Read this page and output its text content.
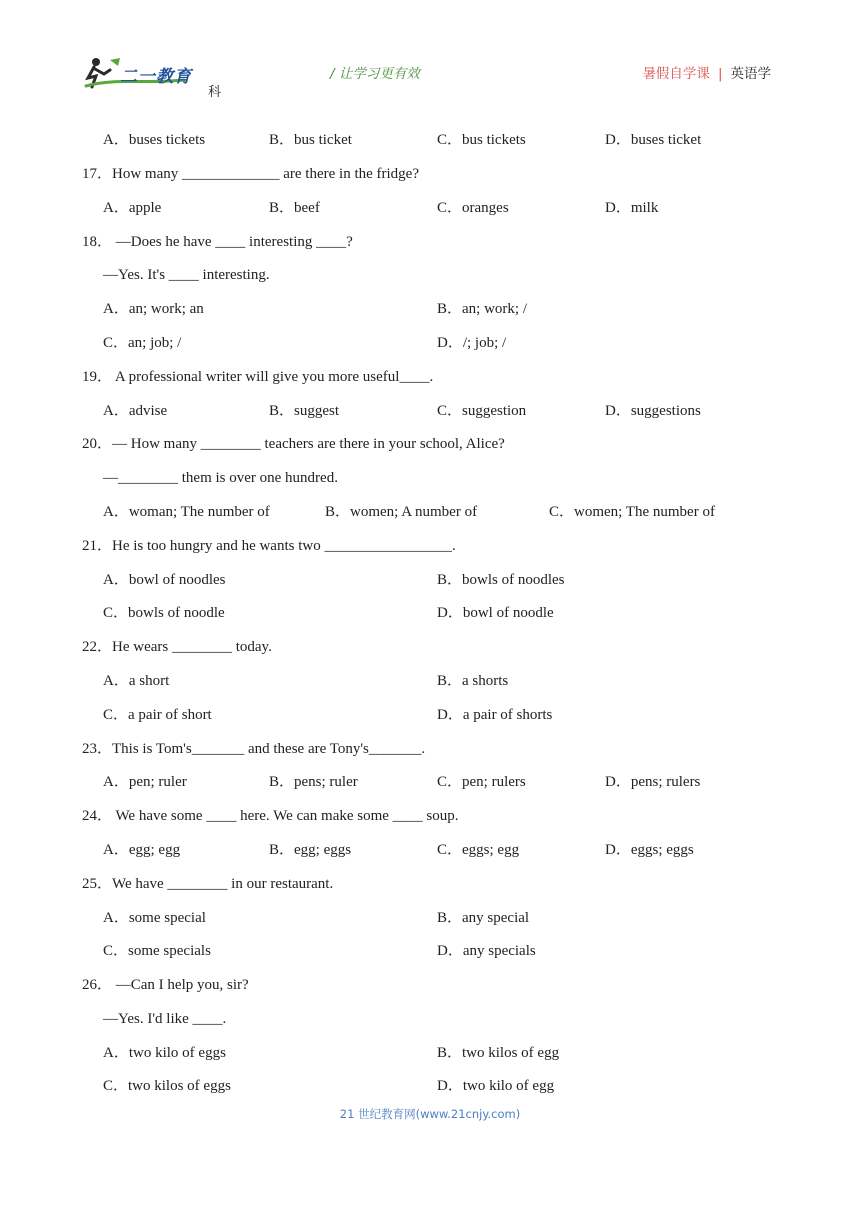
二一教育
科
/ 让学习更有效	暑假自学课 | 英语学
A．buses tickets	B．bus ticket	C．bus tickets	D．buses ticket
17．How many _____________ are there in the fridge?
A．apple	B．beef	C．oranges	D．milk
18． —Does he have ____ interesting ____?
—Yes. It's ____ interesting.
A．an; work; an	B．an; work; /
C．an; job; /	D．/; job; /
19． A professional writer will give you more useful____.
A．advise	B．suggest	C．suggestion	D．suggestions
20．— How many ________ teachers are there in your school, Alice?
—________ them is over one hundred.
A．woman; The number of	B．women; A number of	C．women; The number of
21．He is too hungry and he wants two _________________.
A．bowl of noodles	B．bowls of noodles
C．bowls of noodle	D．bowl of noodle
22．He wears ________ today.
A．a short	B．a shorts
C．a pair of short	D．a pair of shorts
23．This is Tom's_______ and these are Tony's_______.
A．pen; ruler	B．pens; ruler	C．pen; rulers	D．pens; rulers
24． We have some ____ here. We can make some ____ soup.
A．egg; egg	B．egg; eggs	C．eggs; egg	D．eggs; eggs
25．We have ________ in our restaurant.
A．some special	B．any special
C．some specials	D．any specials
26． —Can I help you, sir?
—Yes. I'd like ____.
A．two kilo of eggs	B．two kilos of egg
C．two kilos of eggs	D．two kilo of egg
21 世纪教育网(www.21cnjy.com)
